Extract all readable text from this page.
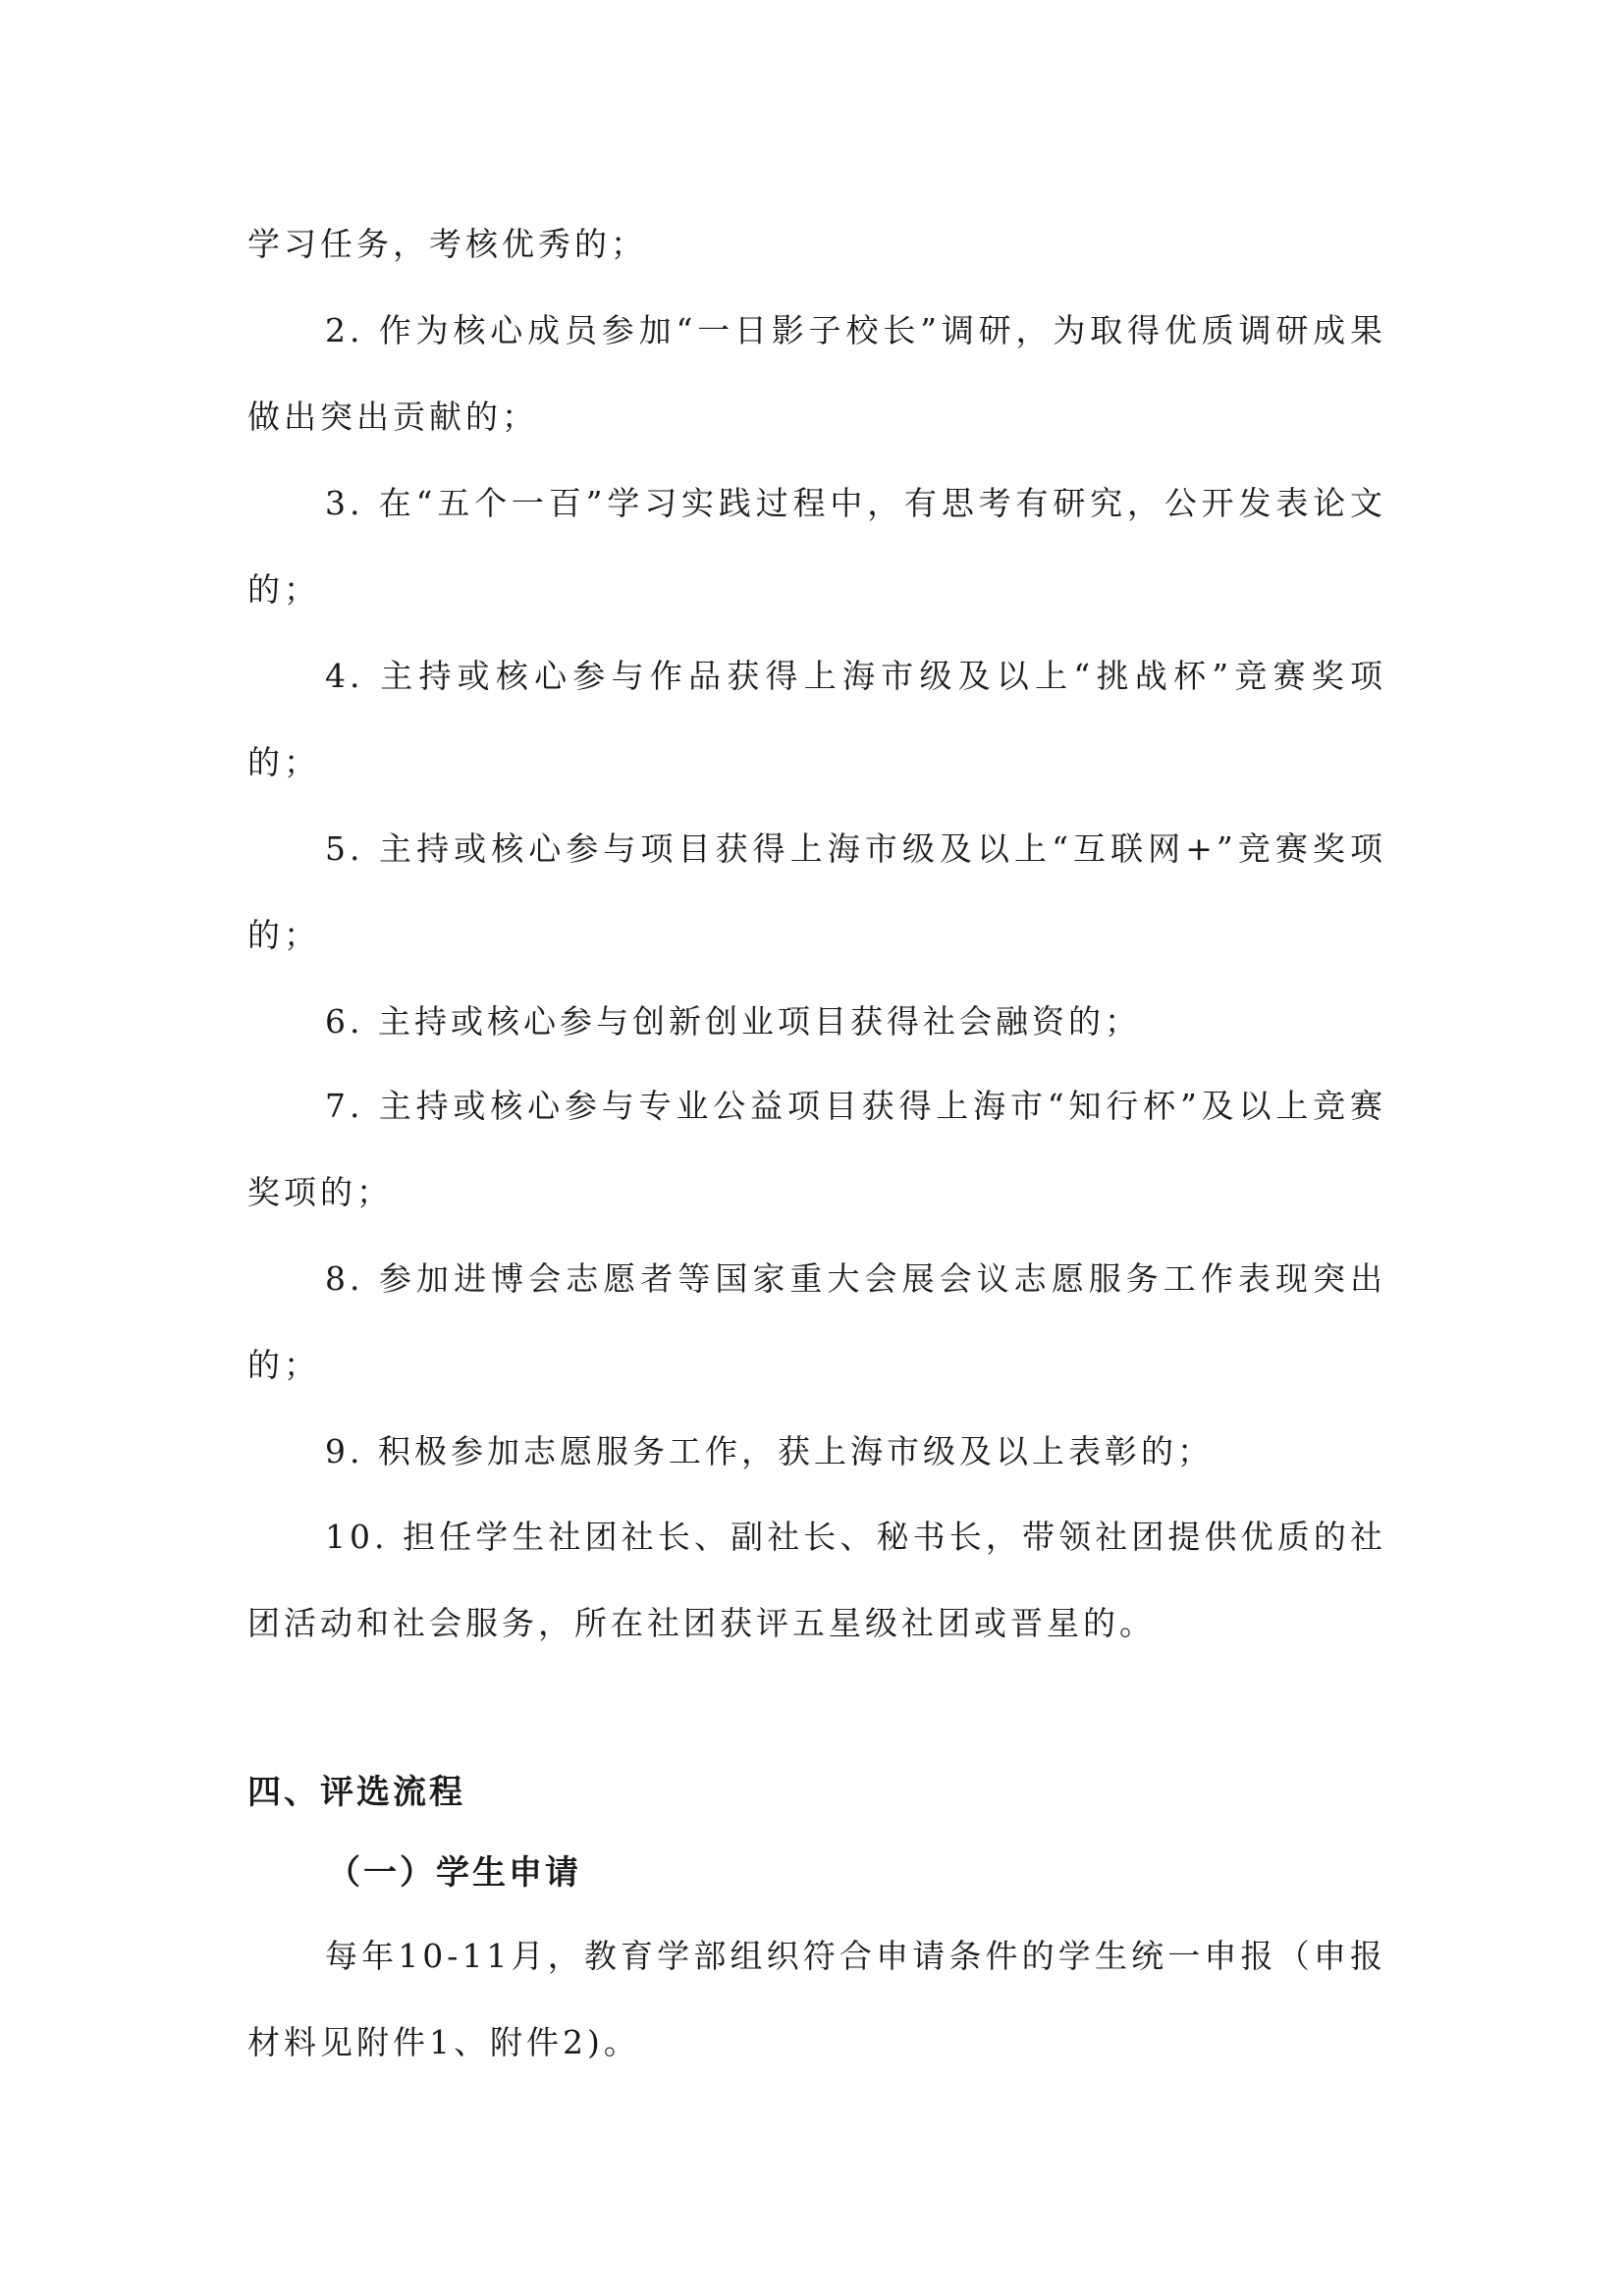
学习任务，考核优秀的；

2. 作为核心成员参加“一日影子校长”调研，为取得优质调研成果做出突出贡献的；

3. 在“五个一百”学习实践过程中，有思考有研究，公开发表论文的；

4. 主持或核心参与作品获得上海市级及以上“挑战杯”竞赛奖项的；

5. 主持或核心参与项目获得上海市级及以上“互联网+”竞赛奖项的；

6. 主持或核心参与创新创业项目获得社会融资的；

7. 主持或核心参与专业公益项目获得上海市“知行杯”及以上竞赛奖项的；

8. 参加进博会志愿者等国家重大会展会议志愿服务工作表现突出的；

9. 积极参加志愿服务工作，获上海市级及以上表彰的；

10. 担任学生社团社长、副社长、秘书长，带领社团提供优质的社团活动和社会服务，所在社团获评五星级社团或晋星的。

四、评选流程
（一）学生申请

每年10-11月，教育学部组织符合申请条件的学生统一申报（申报材料见附件1、附件2)。
